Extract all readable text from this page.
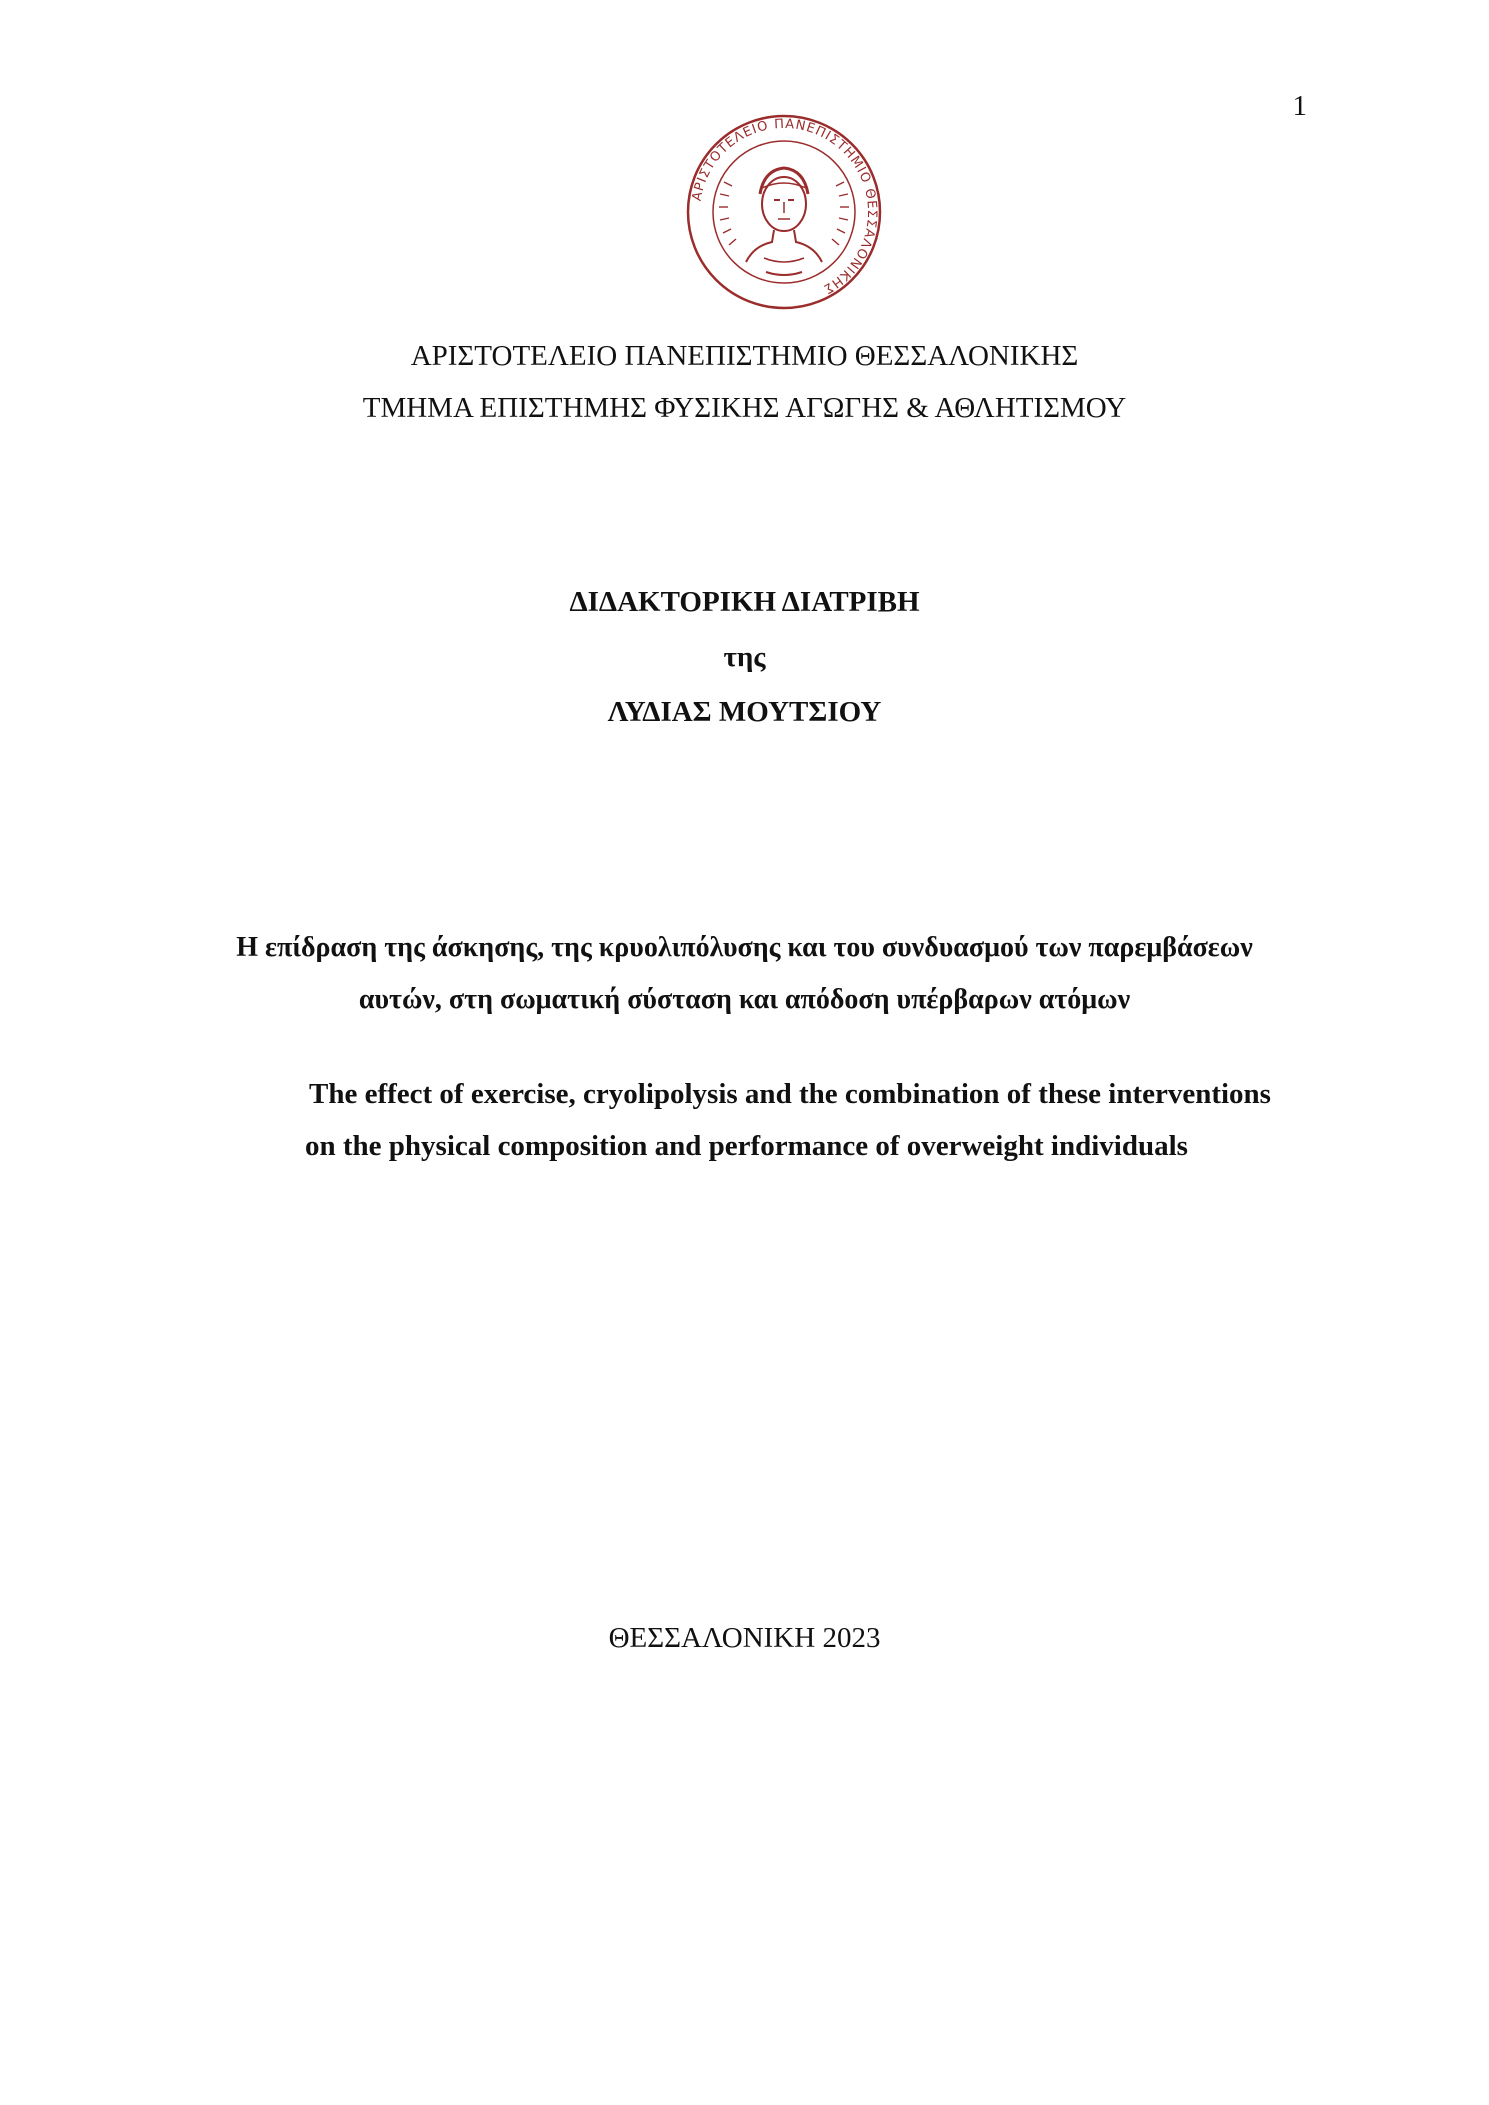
1
ΑΡΙΣΤΟΤΕΛΕΙΟ ΠΑΝΕΠΙΣΤΗΜΙΟ ΘΕΣΣΑΛΟΝΙΚΗΣ
ΑΡΙΣΤΟΤΕΛΕΙΟ ΠΑΝΕΠΙΣΤΗΜΙΟ ΘΕΣΣΑΛΟΝΙΚΗΣ
ΤΜΗΜΑ ΕΠΙΣΤΗΜΗΣ ΦΥΣΙΚΗΣ ΑΓΩΓΗΣ & ΑΘΛΗΤΙΣΜΟΥ
ΔΙΔΑΚΤΟΡΙΚΗ ΔΙΑΤΡΙΒΗ
της
ΛΥΔΙΑΣ ΜΟΥΤΣΙΟΥ
Η επίδραση της άσκησης, της κρυολιπόλυσης και του συνδυασμού των παρεμβάσεων
αυτών, στη σωματική σύσταση και απόδοση υπέρβαρων ατόμων
The effect of exercise, cryolipolysis and the combination of these interventions
on the physical composition and performance of overweight individuals
ΘΕΣΣΑΛΟΝΙΚΗ 2023
